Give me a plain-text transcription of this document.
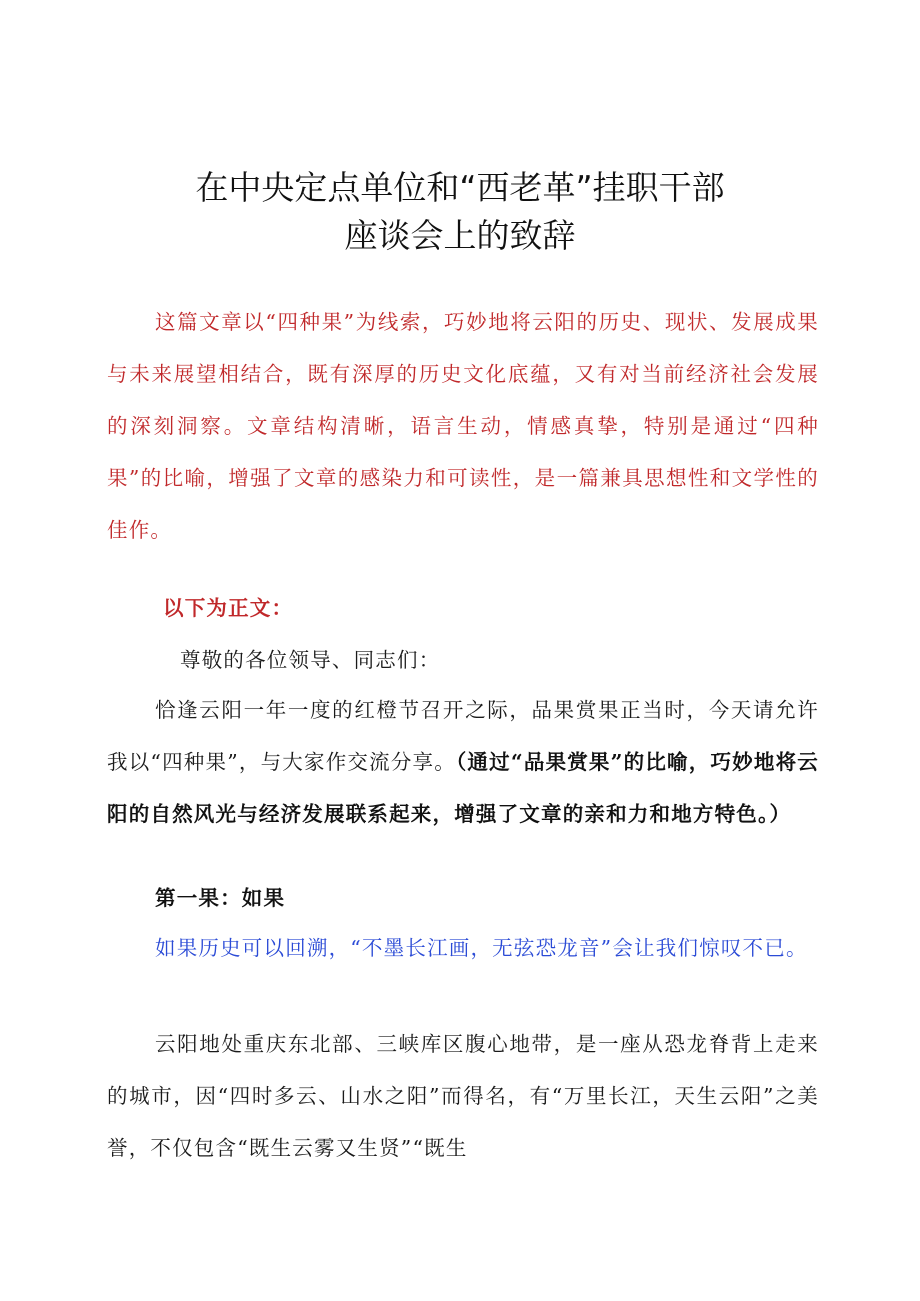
在中央定点单位和“西老革”挂职干部
座谈会上的致辞

这篇文章以“四种果”为线索，巧妙地将云阳的历史、现状、发展成果与未来展望相结合，既有深厚的历史文化底蕴，又有对当前经济社会发展的深刻洞察。文章结构清晰，语言生动，情感真挚，特别是通过“四种果”的比喻，增强了文章的感染力和可读性，是一篇兼具思想性和文学性的佳作。

以下为正文：
尊敬的各位领导、同志们：

恰逢云阳一年一度的红橙节召开之际，品果赏果正当时，今天请允许我以“四种果”，与大家作交流分享。（通过“品果赏果”的比喻，巧妙地将云阳的自然风光与经济发展联系起来，增强了文章的亲和力和地方特色。）

第一果：如果

如果历史可以回溯，“不墨长江画，无弦恐龙音”会让我们惊叹不已。

云阳地处重庆东北部、三峡库区腹心地带，是一座从恐龙脊背上走来的城市，因“四时多云、山水之阳”而得名，有“万里长江，天生云阳”之美誉，不仅包含“既生云雾又生贤”“既生
